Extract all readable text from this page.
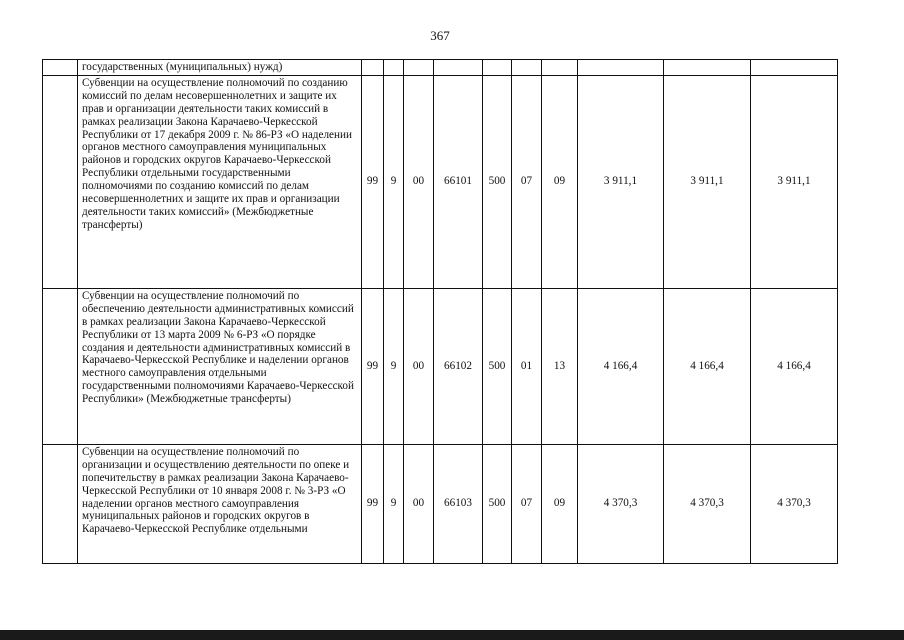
367
	государственных (муниципальных) нужд)										
	Субвенции на осуществление полномочий по созданию комиссий по делам несовершеннолетних и защите их прав и организации деятельности таких комиссий в рамках реализации Закона Карачаево-Черкесской Республики от 17 декабря 2009 г. № 86-РЗ «О наделении органов местного самоуправления муниципальных районов и городских округов Карачаево-Черкесской Республики отдельными государственными полномочиями по созданию комиссий по делам несовершеннолетних и защите их прав и организации деятельности таких комиссий» (Межбюджетные трансферты)	99	9	00	66101	500	07	09	3 911,1	3 911,1	3 911,1
	Субвенции на осуществление полномочий по обеспечению деятельности административных комиссий в рамках реализации Закона Карачаево-Черкесской Республики от 13 марта 2009 № 6-РЗ «О порядке создания и деятельности административных комиссий в Карачаево-Черкесской Республике и наделении органов местного самоуправления отдельными государственными полномочиями Карачаево-Черкесской Республики» (Межбюджетные трансферты)	99	9	00	66102	500	01	13	4 166,4	4 166,4	4 166,4
	Субвенции на осуществление полномочий по организации и осуществлению деятельности по опеке и попечительству в рамках реализации Закона Карачаево-Черкесской Республики от 10 января 2008 г. № 3-РЗ «О наделении органов местного самоуправления муниципальных районов и городских округов в Карачаево-Черкесской Республике отдельными	99	9	00	66103	500	07	09	4 370,3	4 370,3	4 370,3
